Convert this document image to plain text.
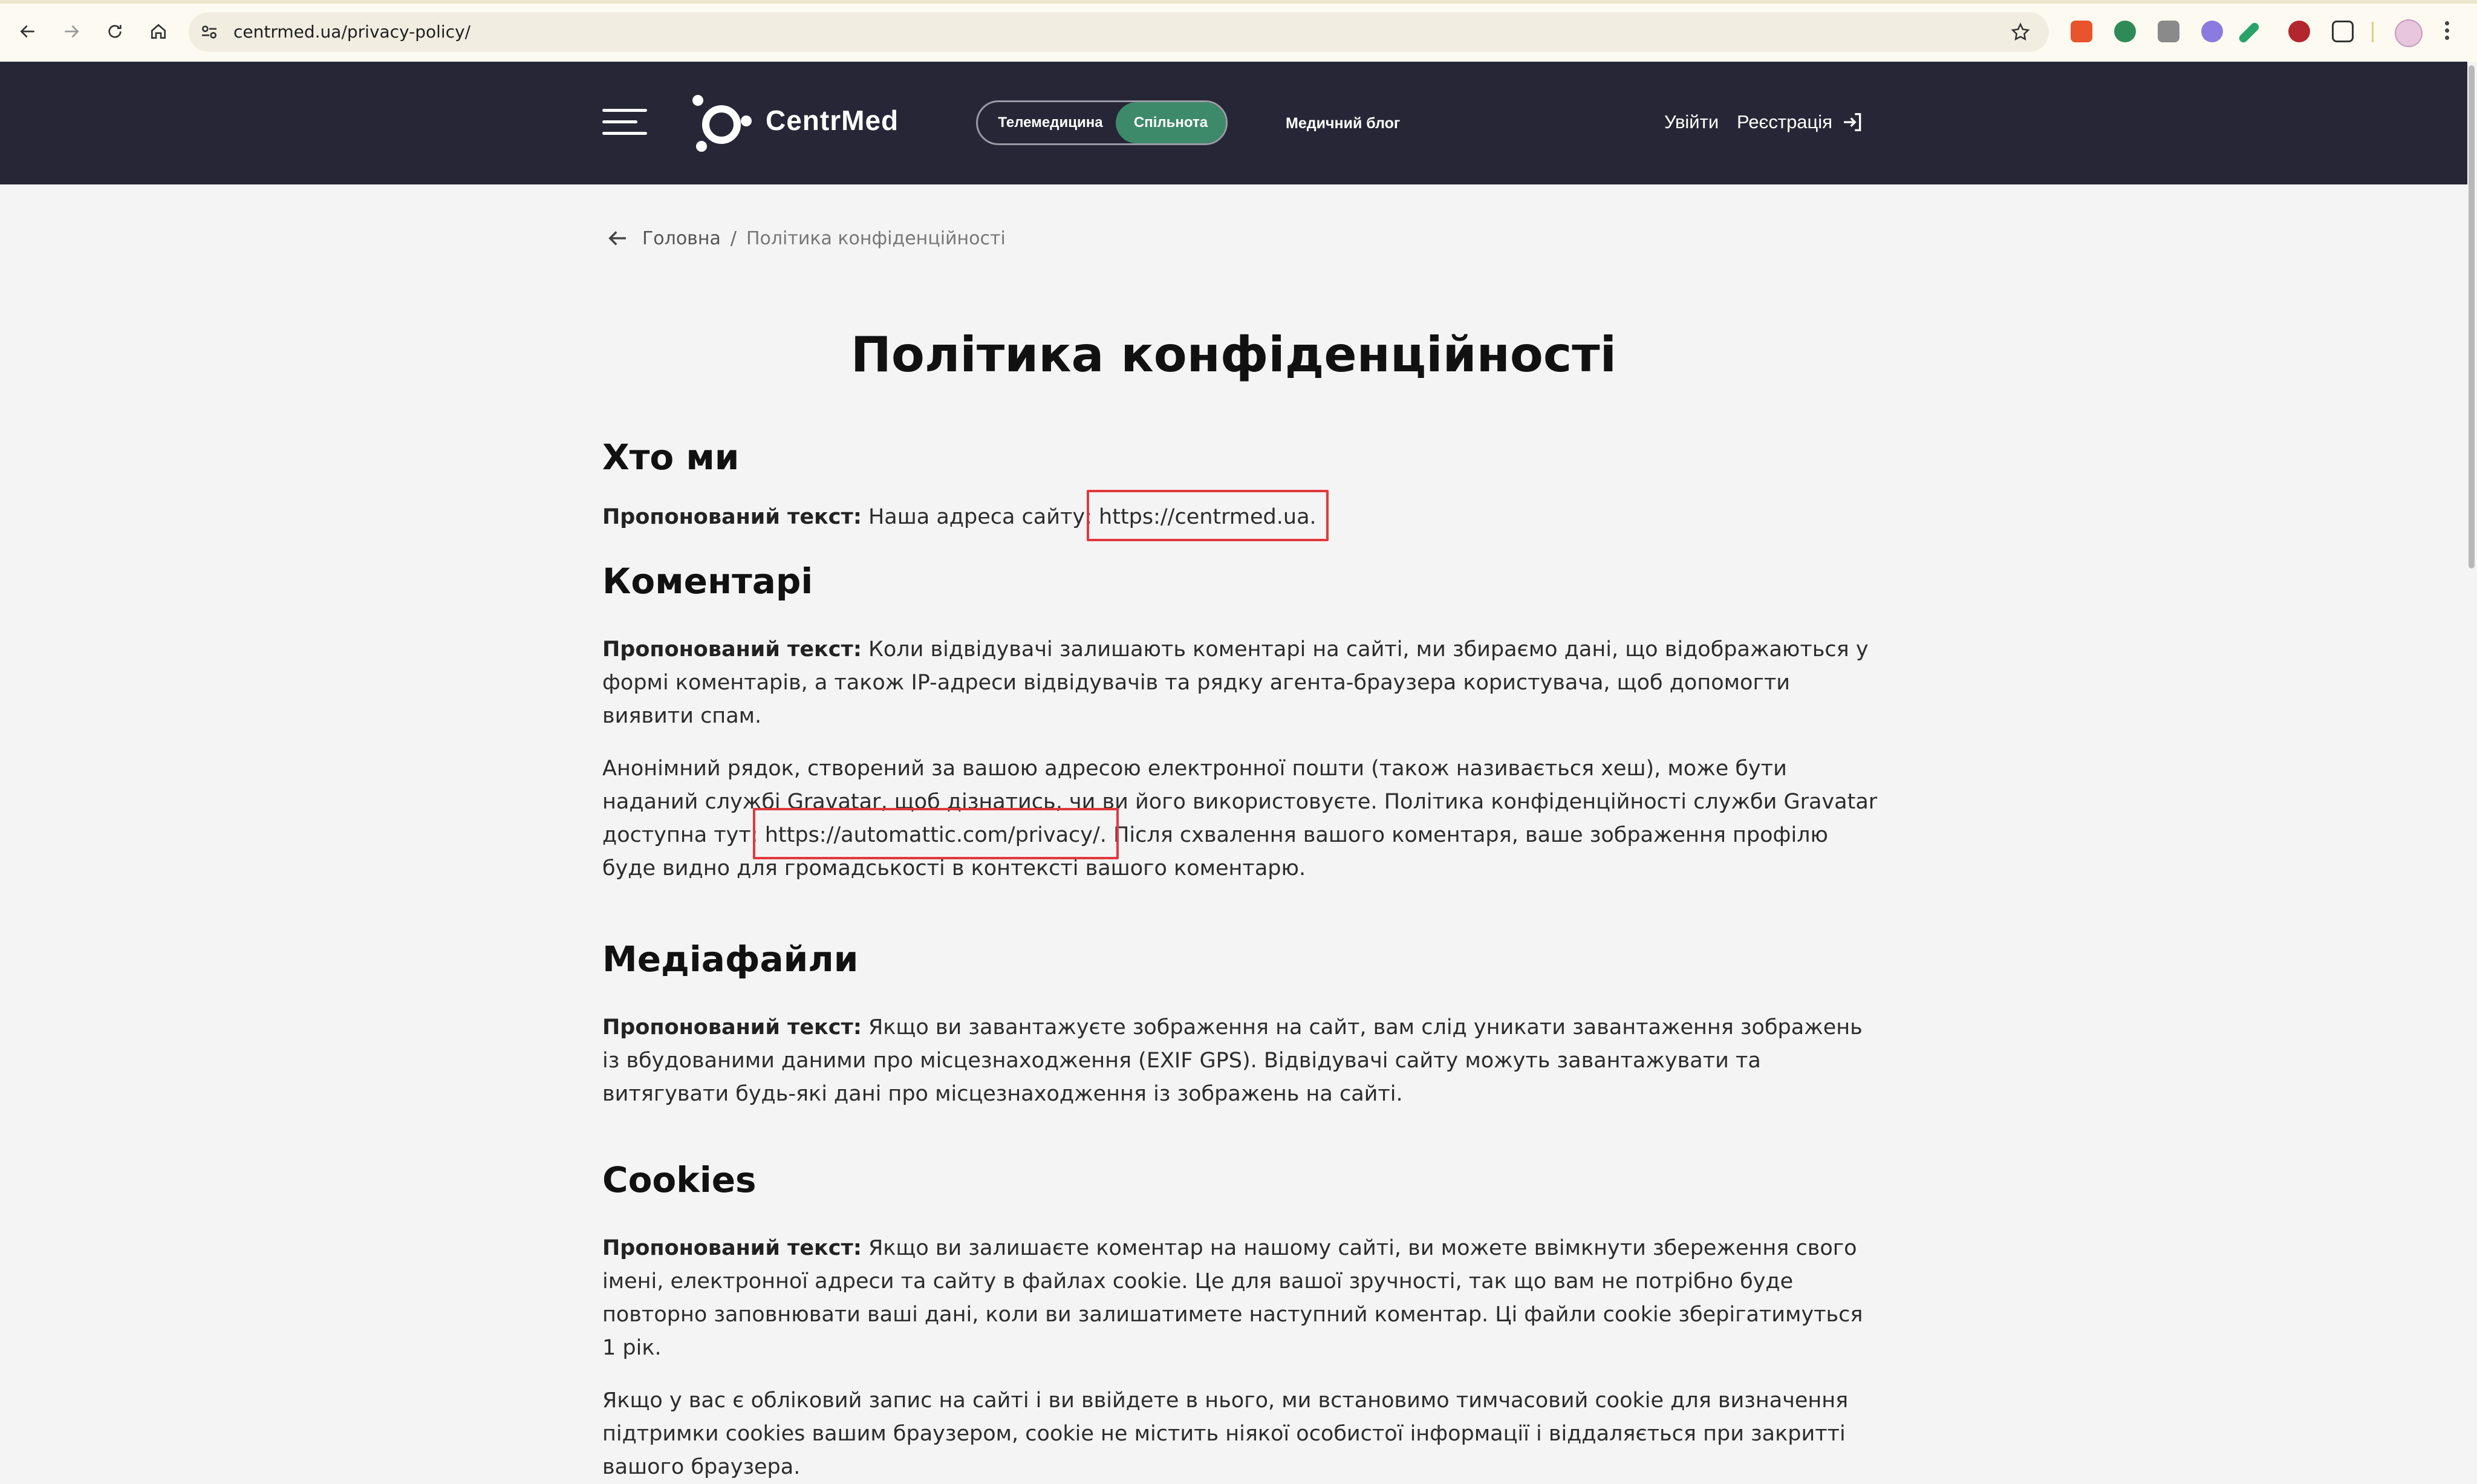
centrmed.ua/privacy-policy/
CentrMed	Телемедицина	Спільнота	Медичний блог	Увійти Реєстрація
Головна / Політика конфіденційності
Політика конфіденційності
Хто ми

Пропонований текст: Наша адреса сайту: https://centrmed.ua.

Коментарі

Пропонований текст: Коли відвідувачі залишають коментарі на сайті, ми збираємо дані, що відображаються у формі коментарів, а також IP-адреси відвідувачів та рядку агента-браузера користувача, щоб допомогти виявити спам.

Анонімний рядок, створений за вашою адресою електронної пошти (також називається хеш), може бути наданий службі Gravatar, щоб дізнатись, чи ви його використовуєте. Політика конфіденційності служби Gravatar доступна тут: https://automattic.com/privacy/. Після схвалення вашого коментаря, ваше зображення профілю буде видно для громадськості в контексті вашого коментарю.

Медіафайли

Пропонований текст: Якщо ви завантажуєте зображення на сайт, вам слід уникати завантаження зображень із вбудованими даними про місцезнаходження (EXIF GPS). Відвідувачі сайту можуть завантажувати та витягувати будь-які дані про місцезнаходження із зображень на сайті.

Cookies

Пропонований текст: Якщо ви залишаєте коментар на нашому сайті, ви можете ввімкнути збереження свого імені, електронної адреси та сайту в файлах cookie. Це для вашої зручності, так що вам не потрібно буде повторно заповнювати ваші дані, коли ви залишатимете наступний коментар. Ці файли cookie зберігатимуться 1 рік.

Якщо у вас є обліковий запис на сайті і ви ввійдете в нього, ми встановимо тимчасовий cookie для визначення підтримки cookies вашим браузером, cookie не містить ніякої особистої інформації і віддаляється при закритті вашого браузера.
